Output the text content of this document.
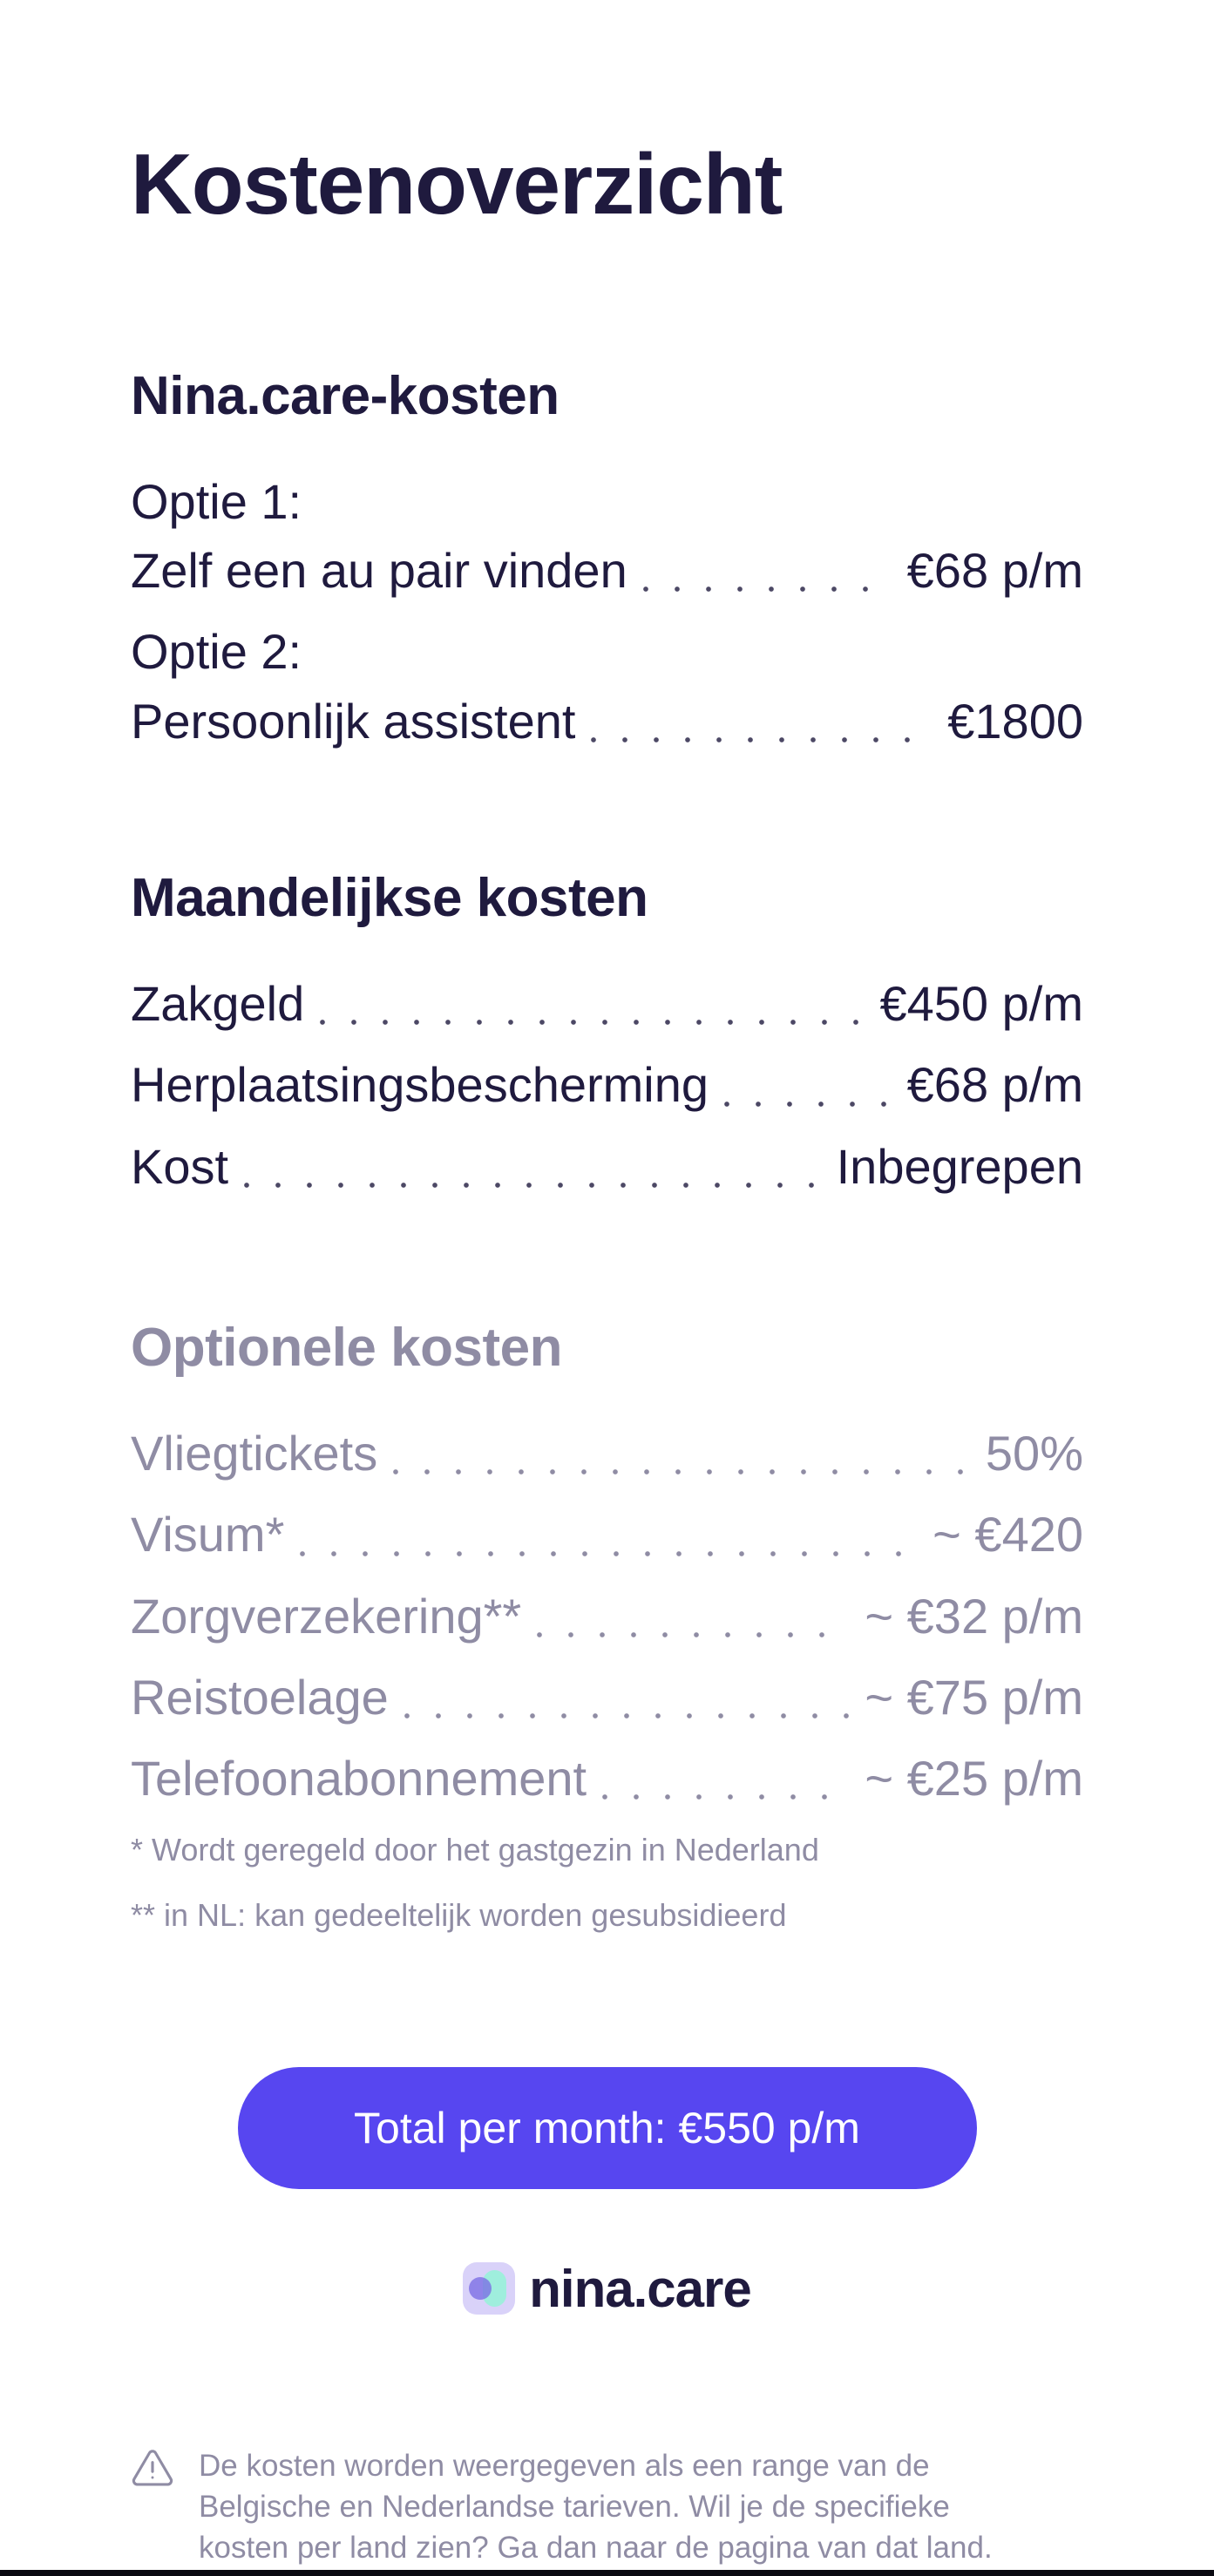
Kostenoverzicht
Nina.care-kosten

Optie 1:

Zelf een au pair vinden	€68 p/m

Optie 2:

Persoonlijk assistent	€1800
Maandelijkse kosten
Zakgeld	€450 p/m
Herplaatsingsbescherming	€68 p/m
Kost	Inbegrepen
Optionele kosten
Vliegtickets	50%
Visum*	~ €420
Zorgverzekering**	~ €32 p/m
Reistoelage	~ €75 p/m
Telefoonabonnement	~ €25 p/m

* Wordt geregeld door het gastgezin in Nederland

** in NL: kan gedeeltelijk worden gesubsidieerd

Total per month: €550 p/m
nina.care
De kosten worden weergegeven als een range van de
Belgische en Nederlandse tarieven. Wil je de specifieke
kosten per land zien? Ga dan naar de pagina van dat land.
